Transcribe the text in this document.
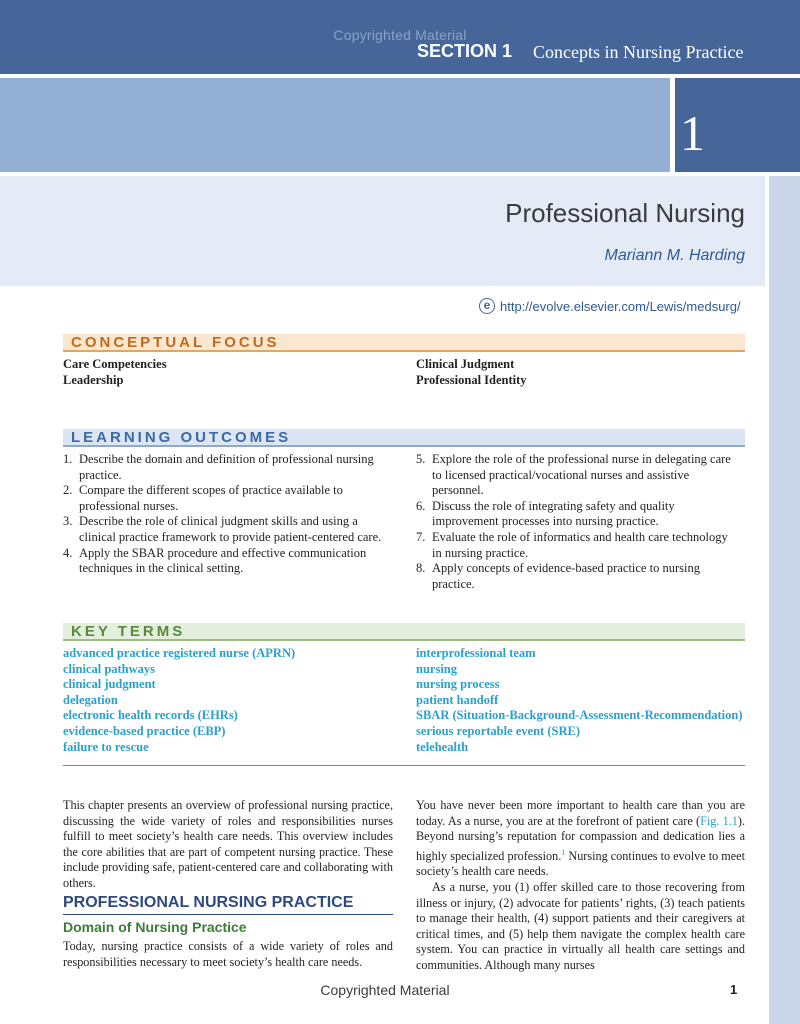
Copyrighted Material
SECTION 1 Concepts in Nursing Practice
1
Professional Nursing
Mariann M. Harding
e http://evolve.elsevier.com/Lewis/medsurg/
CONCEPTUAL FOCUS
Care Competencies
Leadership
Clinical Judgment
Professional Identity
LEARNING OUTCOMES
1. Describe the domain and definition of professional nursing practice.
2. Compare the different scopes of practice available to professional nurses.
3. Describe the role of clinical judgment skills and using a clinical practice framework to provide patient-centered care.
4. Apply the SBAR procedure and effective communication techniques in the clinical setting.
5. Explore the role of the professional nurse in delegating care to licensed practical/vocational nurses and assistive personnel.
6. Discuss the role of integrating safety and quality improvement processes into nursing practice.
7. Evaluate the role of informatics and health care technology in nursing practice.
8. Apply concepts of evidence-based practice to nursing practice.
KEY TERMS
advanced practice registered nurse (APRN)
clinical pathways
clinical judgment
delegation
electronic health records (EHRs)
evidence-based practice (EBP)
failure to rescue
interprofessional team
nursing
nursing process
patient handoff
SBAR (Situation-Background-Assessment-Recommendation)
serious reportable event (SRE)
telehealth
This chapter presents an overview of professional nursing practice, discussing the wide variety of roles and responsibilities nurses fulfill to meet society’s health care needs. This overview includes the core abilities that are part of competent nursing practice. These include providing safe, patient-centered care and collaborating with others.
PROFESSIONAL NURSING PRACTICE
Domain of Nursing Practice
Today, nursing practice consists of a wide variety of roles and responsibilities necessary to meet society’s health care needs.
You have never been more important to health care than you are today. As a nurse, you are at the forefront of patient care (Fig. 1.1). Beyond nursing’s reputation for compassion and dedication lies a highly specialized profession.$^1$ Nursing continues to evolve to meet society’s health care needs.
As a nurse, you (1) offer skilled care to those recovering from illness or injury, (2) advocate for patients’ rights, (3) teach patients to manage their health, (4) support patients and their caregivers at critical times, and (5) help them navigate the complex health care system. You can practice in virtually all health care settings and communities. Although many nurses
Copyrighted Material	1
